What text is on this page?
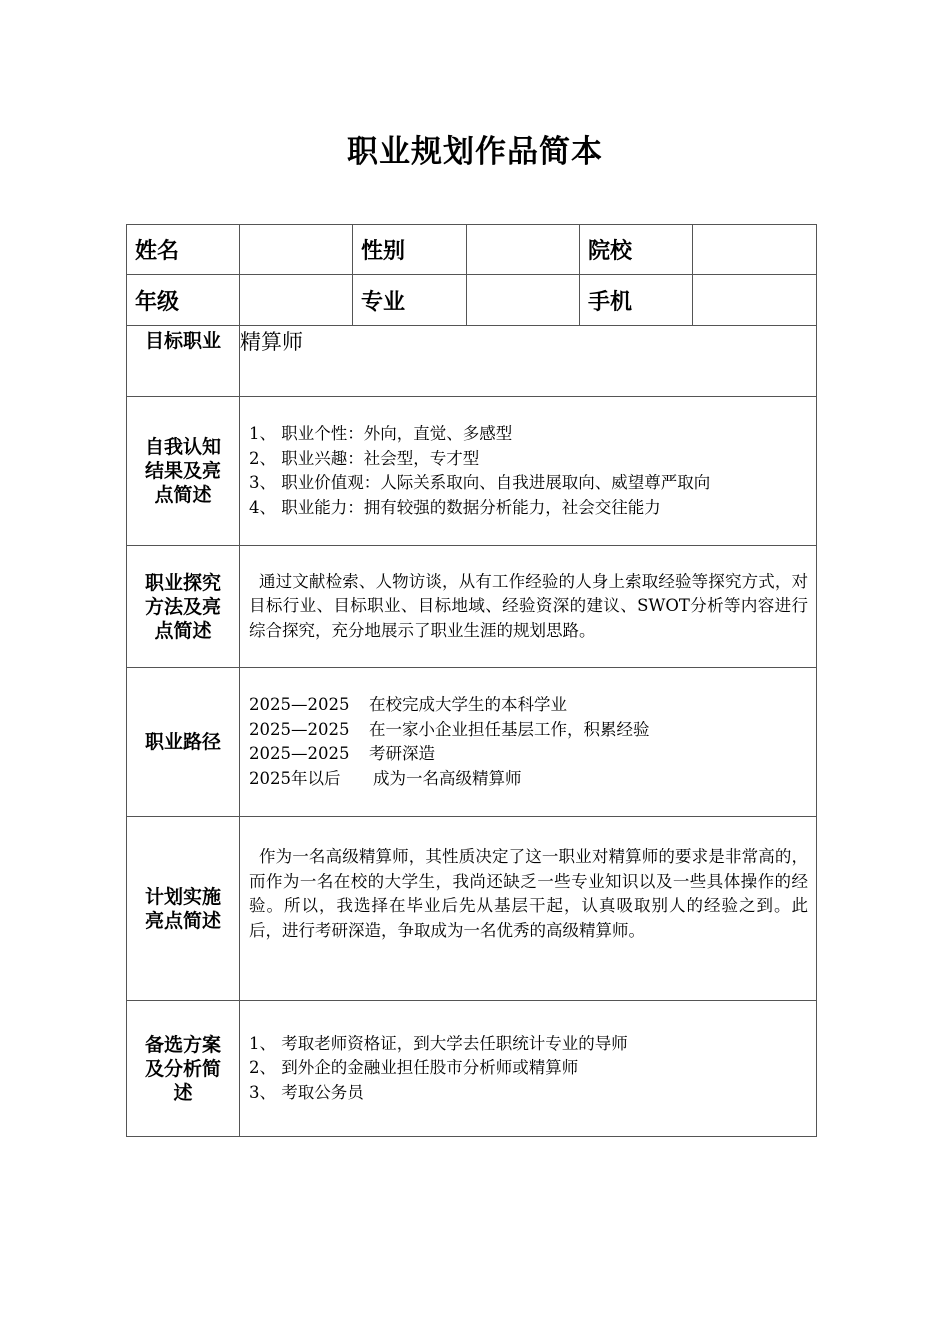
职业规划作品简本
姓名		性别		院校	
年级		专业		手机	
目标职业	精算师				
自我认知结果及亮点简述	1、 职业个性：外向，直觉、多感型
2、 职业兴趣：社会型，专才型
3、 职业价值观：人际关系取向、自我进展取向、威望尊严取向
4、 职业能力：拥有较强的数据分析能力，社会交往能力				

职业探究方法及亮点简述	通过文献检索、人物访谈，从有工作经验的人身上索取经验等探究方式，对目标行业、目标职业、目标地域、经验资深的建议、SWOT分析等内容进行综合探究，充分地展示了职业生涯的规划思路。				

职业路径	2025—2025 在校完成大学生的本科学业
2025—2025 在一家小企业担任基层工作，积累经验
2025—2025 考研深造
2025年以后 成为一名高级精算师				

计划实施亮点简述	作为一名高级精算师，其性质决定了这一职业对精算师的要求是非常高的，而作为一名在校的大学生，我尚还缺乏一些专业知识以及一些具体操作的经验。所以，我选择在毕业后先从基层干起，认真吸取别人的经验之到。此后，进行考研深造，争取成为一名优秀的高级精算师。				

备选方案及分析简述	1、 考取老师资格证，到大学去任职统计专业的导师
2、 到外企的金融业担任股市分析师或精算师
3、 考取公务员				
